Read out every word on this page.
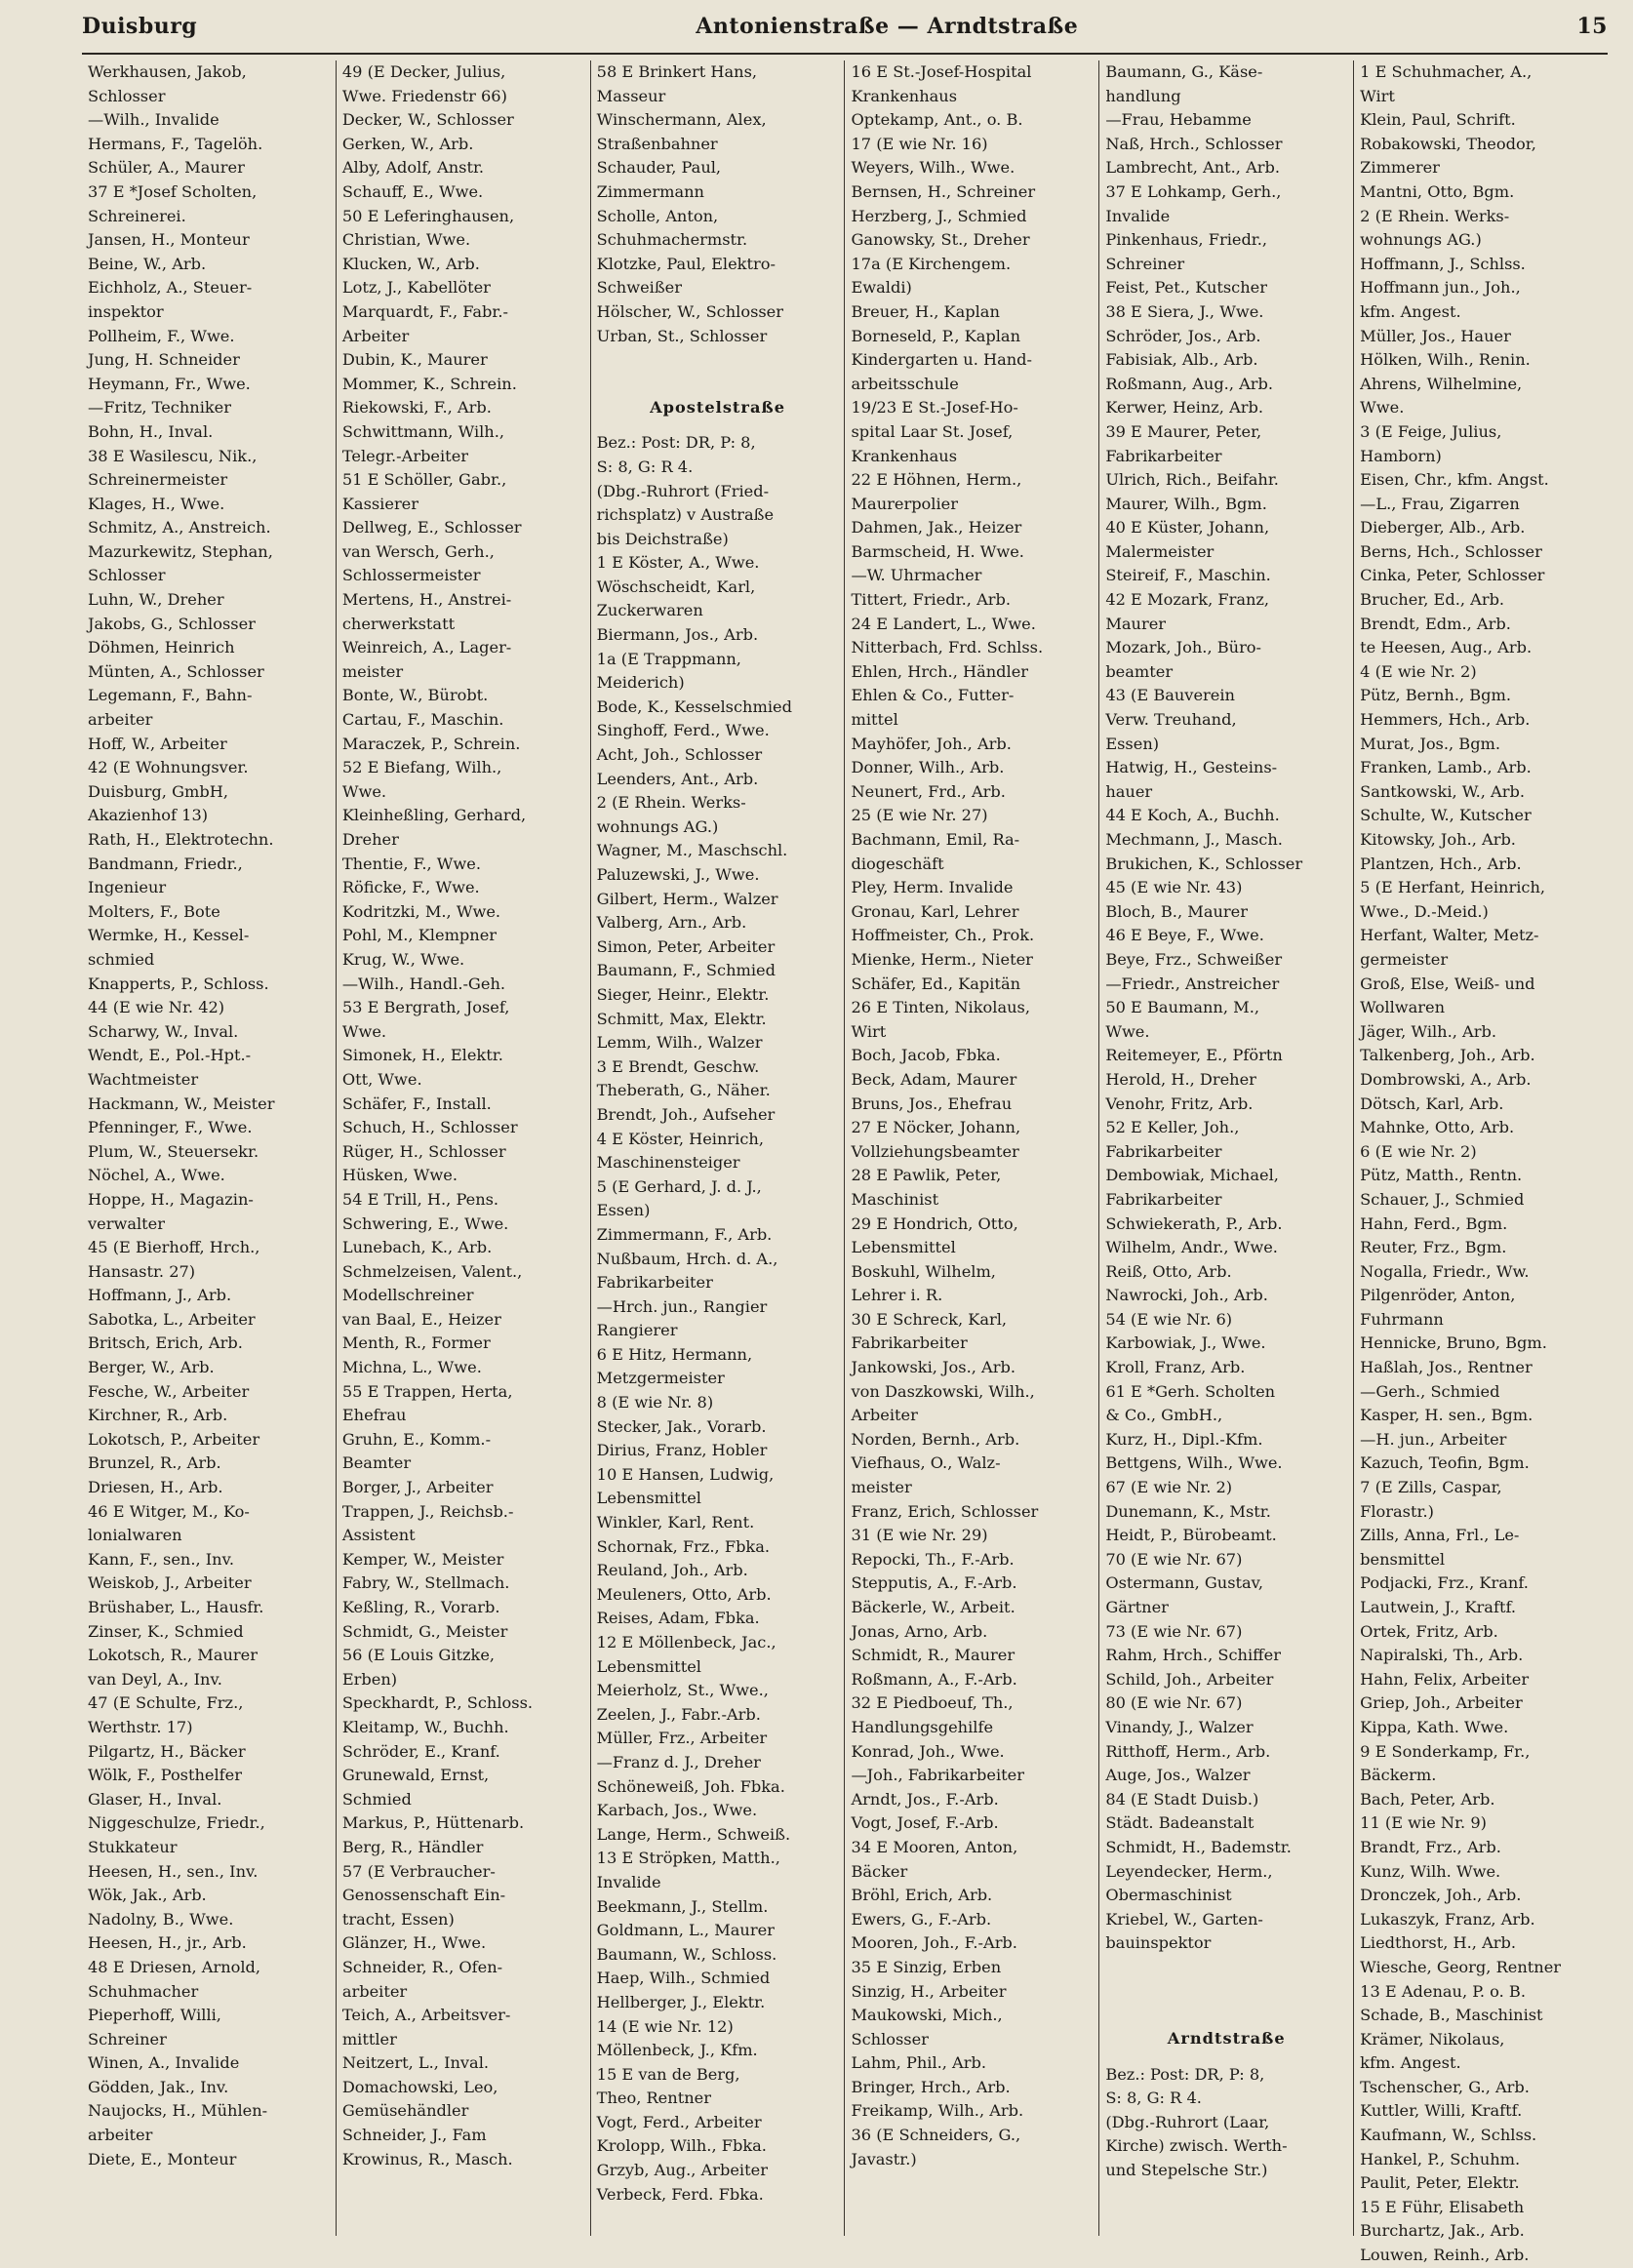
Duisburg	Antonienstraße — Arndtstraße	15
Werkhausen, Jakob,
Schlosser
—Wilh., Invalide
Hermans, F., Tagelöh.
Schüler, A., Maurer
37 E *Josef Scholten,
Schreinerei.
Jansen, H., Monteur
Beine, W., Arb.
Eichholz, A., Steuer-
inspektor
Pollheim, F., Wwe.
Jung, H. Schneider
Heymann, Fr., Wwe.
—Fritz, Techniker
Bohn, H., Inval.
38 E Wasilescu, Nik.,
Schreinermeister
Klages, H., Wwe.
Schmitz, A., Anstreich.
Mazurkewitz, Stephan,
Schlosser
Luhn, W., Dreher
Jakobs, G., Schlosser
Döhmen, Heinrich
Münten, A., Schlosser
Legemann, F., Bahn-
arbeiter
Hoff, W., Arbeiter
42 (E Wohnungsver.
Duisburg, GmbH,
Akazienhof 13)
Rath, H., Elektrotechn.
Bandmann, Friedr.,
Ingenieur
Molters, F., Bote
Wermke, H., Kessel-
schmied
Knapperts, P., Schloss.
44 (E wie Nr. 42)
Scharwy, W., Inval.
Wendt, E., Pol.-Hpt.-
Wachtmeister
Hackmann, W., Meister
Pfenninger, F., Wwe.
Plum, W., Steuersekr.
Nöchel, A., Wwe.
Hoppe, H., Magazin-
verwalter
45 (E Bierhoff, Hrch.,
Hansastr. 27)
Hoffmann, J., Arb.
Sabotka, L., Arbeiter
Britsch, Erich, Arb.
Berger, W., Arb.
Fesche, W., Arbeiter
Kirchner, R., Arb.
Lokotsch, P., Arbeiter
Brunzel, R., Arb.
Driesen, H., Arb.
46 E Witger, M., Ko-
lonialwaren
Kann, F., sen., Inv.
Weiskob, J., Arbeiter
Brüshaber, L., Hausfr.
Zinser, K., Schmied
Lokotsch, R., Maurer
van Deyl, A., Inv.
47 (E Schulte, Frz.,
Werthstr. 17)
Pilgartz, H., Bäcker
Wölk, F., Posthelfer
Glaser, H., Inval.
Niggeschulze, Friedr.,
Stukkateur
Heesen, H., sen., Inv.
Wök, Jak., Arb.
Nadolny, B., Wwe.
Heesen, H., jr., Arb.
48 E Driesen, Arnold,
Schuhmacher
Pieperhoff, Willi,
Schreiner
Winen, A., Invalide
Gödden, Jak., Inv.
Naujocks, H., Mühlen-
arbeiter
Diete, E., Monteur
49 (E Decker, Julius,
Wwe. Friedenstr 66)
Decker, W., Schlosser
Gerken, W., Arb.
Alby, Adolf, Anstr.
Schauff, E., Wwe.
50 E Leferinghausen,
Christian, Wwe.
Klucken, W., Arb.
Lotz, J., Kabellöter
Marquardt, F., Fabr.-
Arbeiter
Dubin, K., Maurer
Mommer, K., Schrein.
Riekowski, F., Arb.
Schwittmann, Wilh.,
Telegr.-Arbeiter
51 E Schöller, Gabr.,
Kassierer
Dellweg, E., Schlosser
van Wersch, Gerh.,
Schlossermeister
Mertens, H., Anstrei-
cherwerkstatt
Weinreich, A., Lager-
meister
Bonte, W., Bürobt.
Cartau, F., Maschin.
Maraczek, P., Schrein.
52 E Biefang, Wilh.,
Wwe.
Kleinheßling, Gerhard,
Dreher
Thentie, F., Wwe.
Röficke, F., Wwe.
Kodritzki, M., Wwe.
Pohl, M., Klempner
Krug, W., Wwe.
—Wilh., Handl.-Geh.
53 E Bergrath, Josef,
Wwe.
Simonek, H., Elektr.
Ott, Wwe.
Schäfer, F., Install.
Schuch, H., Schlosser
Rüger, H., Schlosser
Hüsken, Wwe.
54 E Trill, H., Pens.
Schwering, E., Wwe.
Lunebach, K., Arb.
Schmelzeisen, Valent.,
Modellschreiner
van Baal, E., Heizer
Menth, R., Former
Michna, L., Wwe.
55 E Trappen, Herta,
Ehefrau
Gruhn, E., Komm.-
Beamter
Borger, J., Arbeiter
Trappen, J., Reichsb.-
Assistent
Kemper, W., Meister
Fabry, W., Stellmach.
Keßling, R., Vorarb.
Schmidt, G., Meister
56 (E Louis Gitzke,
Erben)
Speckhardt, P., Schloss.
Kleitamp, W., Buchh.
Schröder, E., Kranf.
Grunewald, Ernst,
Schmied
Markus, P., Hüttenarb.
Berg, R., Händler
57 (E Verbraucher-
Genossenschaft Ein-
tracht, Essen)
Glänzer, H., Wwe.
Schneider, R., Ofen-
arbeiter
Teich, A., Arbeitsver-
mittler
Neitzert, L., Inval.
Domachowski, Leo,
Gemüsehändler
Schneider, J., Fam
Krowinus, R., Masch.
58 E Brinkert Hans,
Masseur
Winschermann, Alex,
Straßenbahner
Schauder, Paul,
Zimmermann
Scholle, Anton,
Schuhmachermstr.
Klotzke, Paul, Elektro-
Schweißer
Hölscher, W., Schlosser
Urban, St., Schlosser

Apostelstraße
Bez.: Post: DR, P: 8,
S: 8, G: R 4.
(Dbg.-Ruhrort (Fried-
richsplatz) v Austraße
bis Deichstraße)
1 E Köster, A., Wwe.
Wöschscheidt, Karl,
Zuckerwaren
Biermann, Jos., Arb.
1a (E Trappmann,
Meiderich)
Bode, K., Kesselschmied
Singhoff, Ferd., Wwe.
Acht, Joh., Schlosser
Leenders, Ant., Arb.
2 (E Rhein. Werks-
wohnungs AG.)
Wagner, M., Maschschl.
Paluzewski, J., Wwe.
Gilbert, Herm., Walzer
Valberg, Arn., Arb.
Simon, Peter, Arbeiter
Baumann, F., Schmied
Sieger, Heinr., Elektr.
Schmitt, Max, Elektr.
Lemm, Wilh., Walzer
3 E Brendt, Geschw.
Theberath, G., Näher.
Brendt, Joh., Aufseher
4 E Köster, Heinrich,
Maschinensteiger
5 (E Gerhard, J. d. J.,
Essen)
Zimmermann, F., Arb.
Nußbaum, Hrch. d. A.,
Fabrikarbeiter
—Hrch. jun., Rangier
Rangierer
6 E Hitz, Hermann,
Metzgermeister
8 (E wie Nr. 8)
Stecker, Jak., Vorarb.
Dirius, Franz, Hobler
10 E Hansen, Ludwig,
Lebensmittel
Winkler, Karl, Rent.
Schornak, Frz., Fbka.
Reuland, Joh., Arb.
Meuleners, Otto, Arb.
Reises, Adam, Fbka.
12 E Möllenbeck, Jac.,
Lebensmittel
Meierholz, St., Wwe.,
Zeelen, J., Fabr.-Arb.
Müller, Frz., Arbeiter
—Franz d. J., Dreher
Schöneweiß, Joh. Fbka.
Karbach, Jos., Wwe.
Lange, Herm., Schweiß.
13 E Ströpken, Matth.,
Invalide
Beekmann, J., Stellm.
Goldmann, L., Maurer
Baumann, W., Schloss.
Haep, Wilh., Schmied
Hellberger, J., Elektr.
14 (E wie Nr. 12)
Möllenbeck, J., Kfm.
15 E van de Berg,
Theo, Rentner
Vogt, Ferd., Arbeiter
Krolopp, Wilh., Fbka.
Grzyb, Aug., Arbeiter
Verbeck, Ferd. Fbka.
16 E St.-Josef-Hospital
Krankenhaus
Optekamp, Ant., o. B.
17 (E wie Nr. 16)
Weyers, Wilh., Wwe.
Bernsen, H., Schreiner
Herzberg, J., Schmied
Ganowsky, St., Dreher
17a (E Kirchengem.
Ewaldi)
Breuer, H., Kaplan
Borneseld, P., Kaplan
Kindergarten u. Hand-
arbeitsschule
19/23 E St.-Josef-Ho-
spital Laar St. Josef,
Krankenhaus
22 E Höhnen, Herm.,
Maurerpolier
Dahmen, Jak., Heizer
Barmscheid, H. Wwe.
—W. Uhrmacher
Tittert, Friedr., Arb.
24 E Landert, L., Wwe.
Nitterbach, Frd. Schlss.
Ehlen, Hrch., Händler
Ehlen & Co., Futter-
mittel
Mayhöfer, Joh., Arb.
Donner, Wilh., Arb.
Neunert, Frd., Arb.
25 (E wie Nr. 27)
Bachmann, Emil, Ra-
diogeschäft
Pley, Herm. Invalide
Gronau, Karl, Lehrer
Hoffmeister, Ch., Prok.
Mienke, Herm., Nieter
Schäfer, Ed., Kapitän
26 E Tinten, Nikolaus,
Wirt
Boch, Jacob, Fbka.
Beck, Adam, Maurer
Bruns, Jos., Ehefrau
27 E Nöcker, Johann,
Vollziehungsbeamter
28 E Pawlik, Peter,
Maschinist
29 E Hondrich, Otto,
Lebensmittel
Boskuhl, Wilhelm,
Lehrer i. R.
30 E Schreck, Karl,
Fabrikarbeiter
Jankowski, Jos., Arb.
von Daszkowski, Wilh.,
Arbeiter
Norden, Bernh., Arb.
Viefhaus, O., Walz-
meister
Franz, Erich, Schlosser
31 (E wie Nr. 29)
Repocki, Th., F.-Arb.
Stepputis, A., F.-Arb.
Bäckerle, W., Arbeit.
Jonas, Arno, Arb.
Schmidt, R., Maurer
Roßmann, A., F.-Arb.
32 E Piedboeuf, Th.,
Handlungsgehilfe
Konrad, Joh., Wwe.
—Joh., Fabrikarbeiter
Arndt, Jos., F.-Arb.
Vogt, Josef, F.-Arb.
34 E Mooren, Anton,
Bäcker
Bröhl, Erich, Arb.
Ewers, G., F.-Arb.
Mooren, Joh., F.-Arb.
35 E Sinzig, Erben
Sinzig, H., Arbeiter
Maukowski, Mich.,
Schlosser
Lahm, Phil., Arb.
Bringer, Hrch., Arb.
Freikamp, Wilh., Arb.
36 (E Schneiders, G.,
Javastr.)
Baumann, G., Käse-
handlung
—Frau, Hebamme
Naß, Hrch., Schlosser
Lambrecht, Ant., Arb.
37 E Lohkamp, Gerh.,
Invalide
Pinkenhaus, Friedr.,
Schreiner
Feist, Pet., Kutscher
38 E Siera, J., Wwe.
Schröder, Jos., Arb.
Fabisiak, Alb., Arb.
Roßmann, Aug., Arb.
Kerwer, Heinz, Arb.
39 E Maurer, Peter,
Fabrikarbeiter
Ulrich, Rich., Beifahr.
Maurer, Wilh., Bgm.
40 E Küster, Johann,
Malermeister
Steireif, F., Maschin.
42 E Mozark, Franz,
Maurer
Mozark, Joh., Büro-
beamter
43 (E Bauverein
Verw. Treuhand,
Essen)
Hatwig, H., Gesteins-
hauer
44 E Koch, A., Buchh.
Mechmann, J., Masch.
Brukichen, K., Schlosser
45 (E wie Nr. 43)
Bloch, B., Maurer
46 E Beye, F., Wwe.
Beye, Frz., Schweißer
—Friedr., Anstreicher
50 E Baumann, M.,
Wwe.
Reitemeyer, E., Pförtn
Herold, H., Dreher
Venohr, Fritz, Arb.
52 E Keller, Joh.,
Fabrikarbeiter
Dembowiak, Michael,
Fabrikarbeiter
Schwiekerath, P., Arb.
Wilhelm, Andr., Wwe.
Reiß, Otto, Arb.
Nawrocki, Joh., Arb.
54 (E wie Nr. 6)
Karbowiak, J., Wwe.
Kroll, Franz, Arb.
61 E *Gerh. Scholten
& Co., GmbH.,
Kurz, H., Dipl.-Kfm.
Bettgens, Wilh., Wwe.
67 (E wie Nr. 2)
Dunemann, K., Mstr.
Heidt, P., Bürobeamt.
70 (E wie Nr. 67)
Ostermann, Gustav,
Gärtner
73 (E wie Nr. 67)
Rahm, Hrch., Schiffer
Schild, Joh., Arbeiter
80 (E wie Nr. 67)
Vinandy, J., Walzer
Ritthoff, Herm., Arb.
Auge, Jos., Walzer
84 (E Stadt Duisb.)
Städt. Badeanstalt
Schmidt, H., Bademstr.
Leyendecker, Herm.,
Obermaschinist
Kriebel, W., Garten-
bauinspektor

Arndtstraße
Bez.: Post: DR, P: 8,
S: 8, G: R 4.
(Dbg.-Ruhrort (Laar,
Kirche) zwisch. Werth-
und Stepelsche Str.)
1 E Schuhmacher, A.,
Wirt
Klein, Paul, Schrift.
Robakowski, Theodor,
Zimmerer
Mantni, Otto, Bgm.
2 (E Rhein. Werks-
wohnungs AG.)
Hoffmann, J., Schlss.
Hoffmann jun., Joh.,
kfm. Angest.
Müller, Jos., Hauer
Hölken, Wilh., Renin.
Ahrens, Wilhelmine,
Wwe.
3 (E Feige, Julius,
Hamborn)
Eisen, Chr., kfm. Angst.
—L., Frau, Zigarren
Dieberger, Alb., Arb.
Berns, Hch., Schlosser
Cinka, Peter, Schlosser
Brucher, Ed., Arb.
Brendt, Edm., Arb.
te Heesen, Aug., Arb.
4 (E wie Nr. 2)
Pütz, Bernh., Bgm.
Hemmers, Hch., Arb.
Murat, Jos., Bgm.
Franken, Lamb., Arb.
Santkowski, W., Arb.
Schulte, W., Kutscher
Kitowsky, Joh., Arb.
Plantzen, Hch., Arb.
5 (E Herfant, Heinrich,
Wwe., D.-Meid.)
Herfant, Walter, Metz-
germeister
Groß, Else, Weiß- und
Wollwaren
Jäger, Wilh., Arb.
Talkenberg, Joh., Arb.
Dombrowski, A., Arb.
Dötsch, Karl, Arb.
Mahnke, Otto, Arb.
6 (E wie Nr. 2)
Pütz, Matth., Rentn.
Schauer, J., Schmied
Hahn, Ferd., Bgm.
Reuter, Frz., Bgm.
Nogalla, Friedr., Ww.
Pilgenröder, Anton,
Fuhrmann
Hennicke, Bruno, Bgm.
Haßlah, Jos., Rentner
—Gerh., Schmied
Kasper, H. sen., Bgm.
—H. jun., Arbeiter
Kazuch, Teofin, Bgm.
7 (E Zills, Caspar,
Florastr.)
Zills, Anna, Frl., Le-
bensmittel
Podjacki, Frz., Kranf.
Lautwein, J., Kraftf.
Ortek, Fritz, Arb.
Napiralski, Th., Arb.
Hahn, Felix, Arbeiter
Griep, Joh., Arbeiter
Kippa, Kath. Wwe.
9 E Sonderkamp, Fr.,
Bäckerm.
Bach, Peter, Arb.
11 (E wie Nr. 9)
Brandt, Frz., Arb.
Kunz, Wilh. Wwe.
Dronczek, Joh., Arb.
Lukaszyk, Franz, Arb.
Liedthorst, H., Arb.
Wiesche, Georg, Rentner
13 E Adenau, P. o. B.
Schade, B., Maschinist
Krämer, Nikolaus,
kfm. Angest.
Tschenscher, G., Arb.
Kuttler, Willi, Kraftf.
Kaufmann, W., Schlss.
Hankel, P., Schuhm.
Paulit, Peter, Elektr.
15 E Führ, Elisabeth
Burchartz, Jak., Arb.
Louwen, Reinh., Arb.
